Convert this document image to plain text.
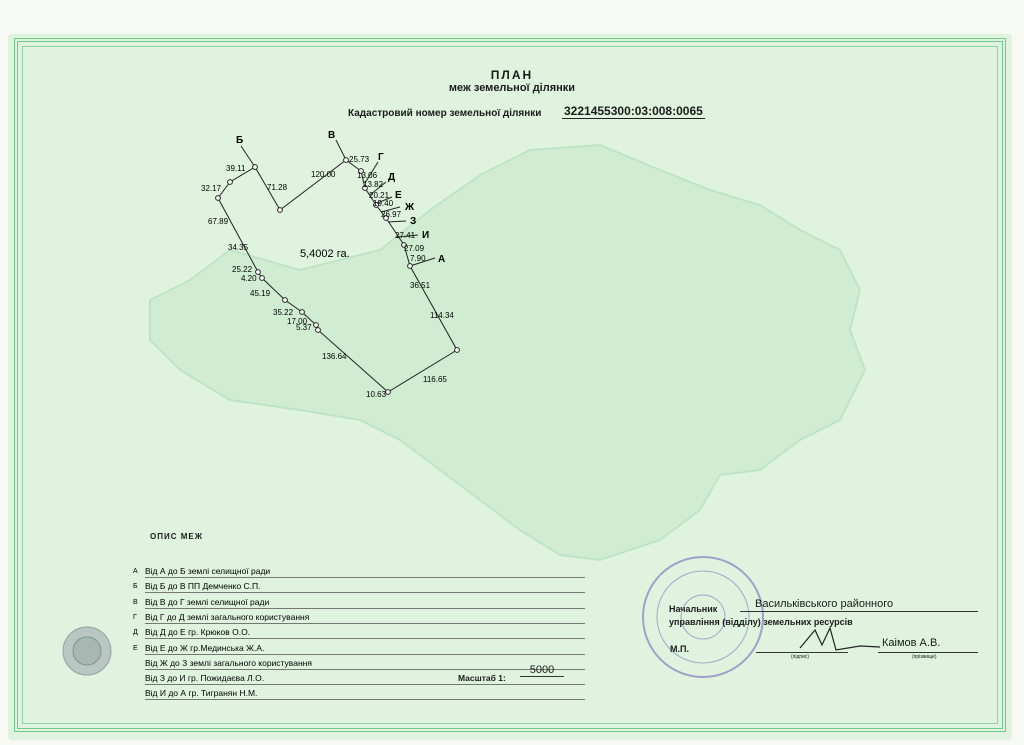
ПЛАН
меж земельної ділянки
Кадастровий номер земельної ділянки 3221455300:03:008:0065
Б	В
Г
Д
Е
Ж
З
И
А
39.11
32.17
67.89
34.35
25.22
4.20
45.19
35.22
17.00
5.37
136.64
10.63
116.65
114.34
36.51
7.90
27.09
27.41
26.97
19.40
20.21
13.82
13.06
25.73
120.00
71.28
5,4002 га.
ОПИС МЕЖ
Від А до Б землі селищної ради
А
Від Б до В ПП Демченко С.П.
Б
Від В до Г землі селищної ради
В
Від Г до Д землі загального користування
Г
Від Д до Е гр. Крюков О.О.
Д
Від Е до Ж гр.Мединська Ж.А.
Е
Від Ж до З землі загального користування
Від З до И гр. Пожидаєва Л.О.
Від И до А гр. Тигранян Н.М.
Масштаб 1:
5000
Начальник	Васильківського районного
управління (відділу) земельних ресурсів
М.П.
(підпис)
Каімов А.В.
(прізвище)
